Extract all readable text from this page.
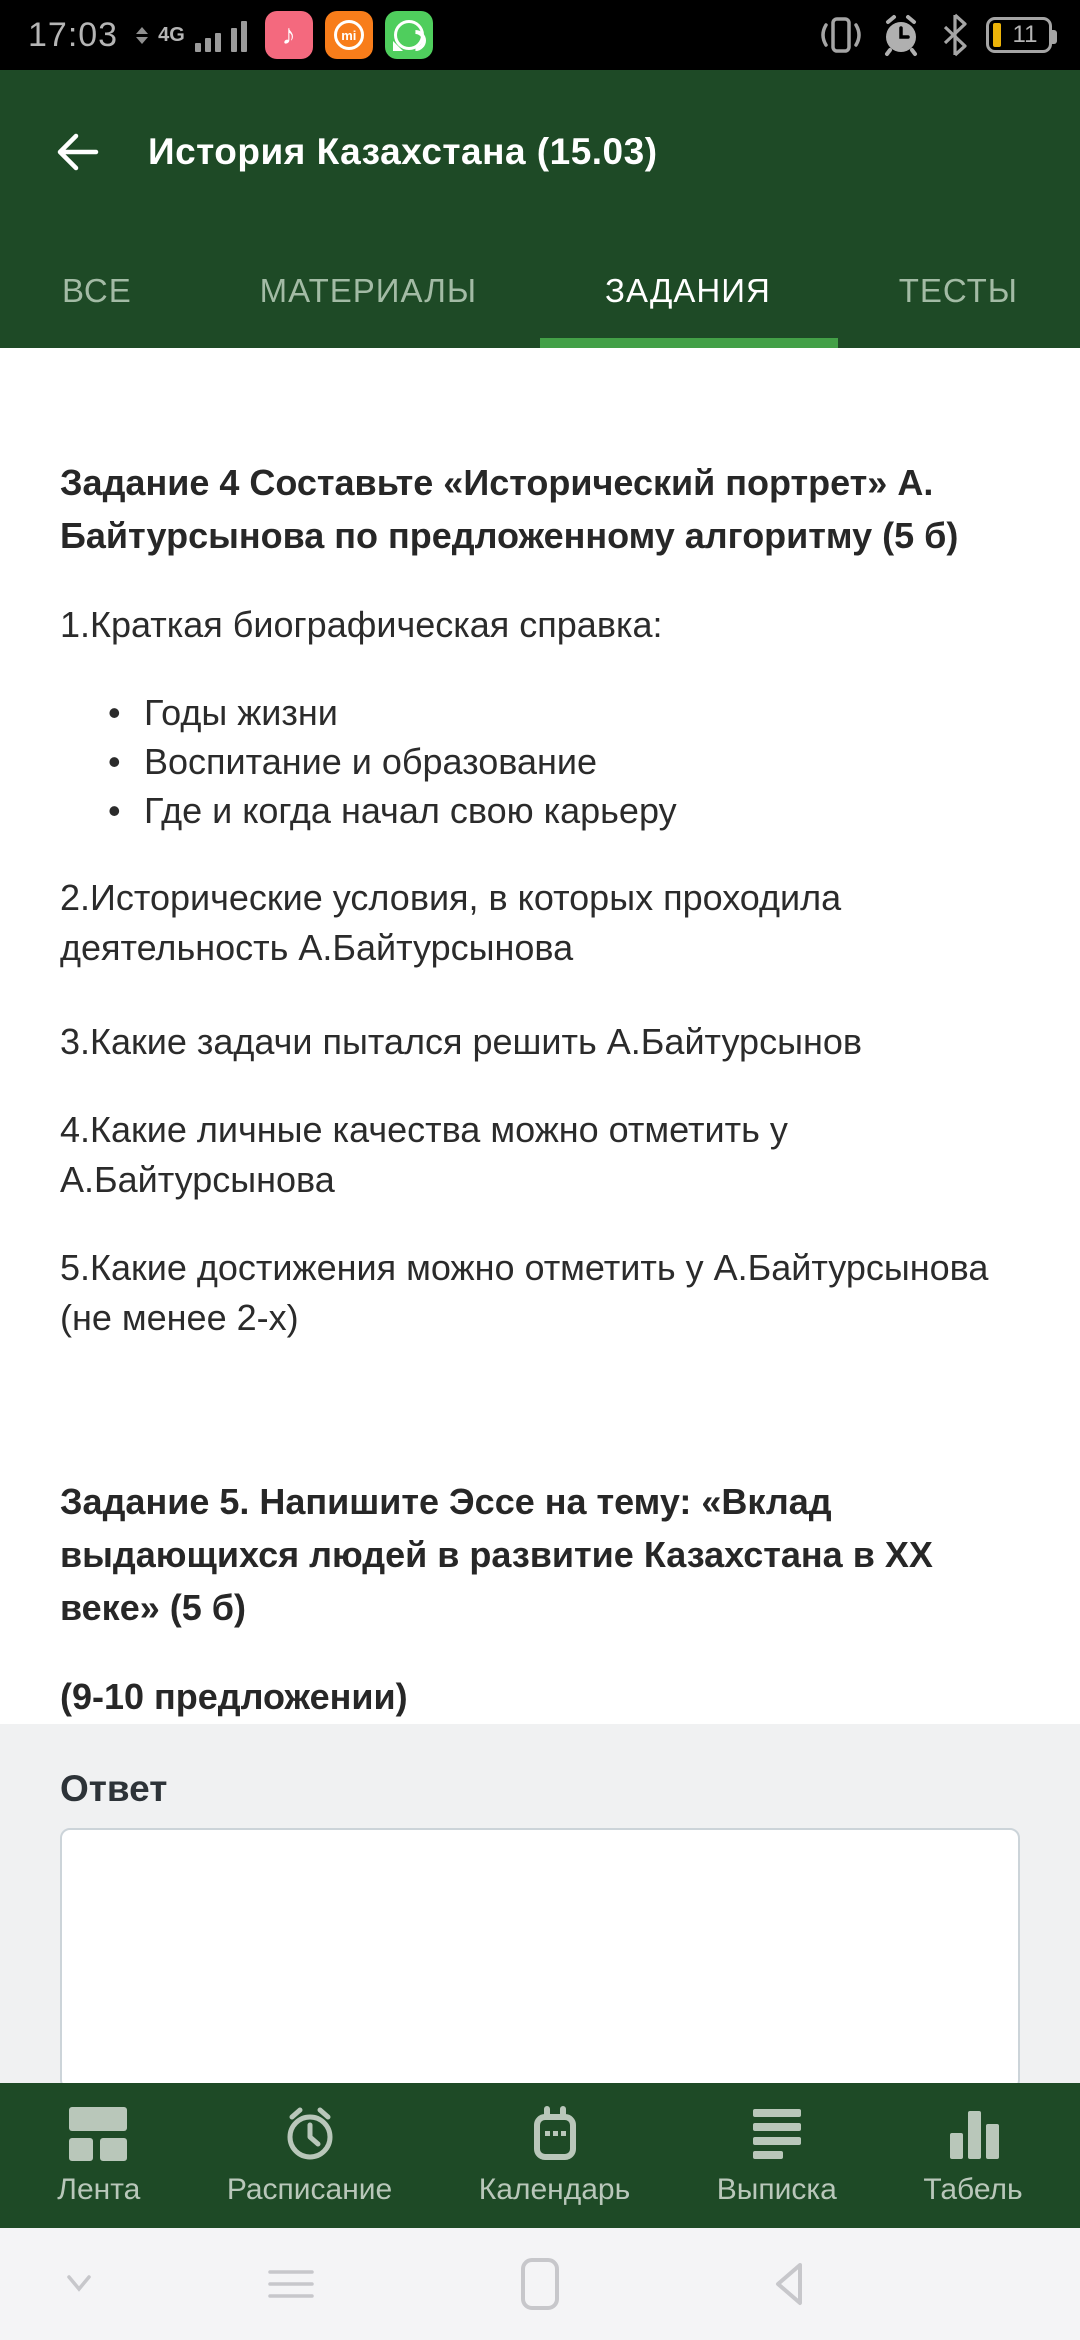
17:03 4G	♪	mi	11
История Казахстана (15.03)
ВСЕ	МАТЕРИАЛЫ	ЗАДАНИЯ	ТЕСТЫ

Задание 4 Составьте «Исторический портрет» А. Байтурсынова по предложенному алгоритму (5 б)

1.Краткая биографическая справка:

• Годы жизни
• Воспитание и образование
• Где и когда начал свою карьеру

2.Исторические условия, в которых проходила деятельность А.Байтурсынова

3.Какие задачи пытался решить А.Байтурсынов

4.Какие личные качества можно отметить у А.Байтурсынова

5.Какие достижения можно отметить у А.Байтурсынова (не менее 2-х)

Задание 5. Напишите Эссе на тему: «Вклад выдающихся людей в развитие Казахстана в ХХ веке» (5 б)

(9-10 предложении)

Ответ

Лента	Расписание	Календарь	Выписка	Табель
